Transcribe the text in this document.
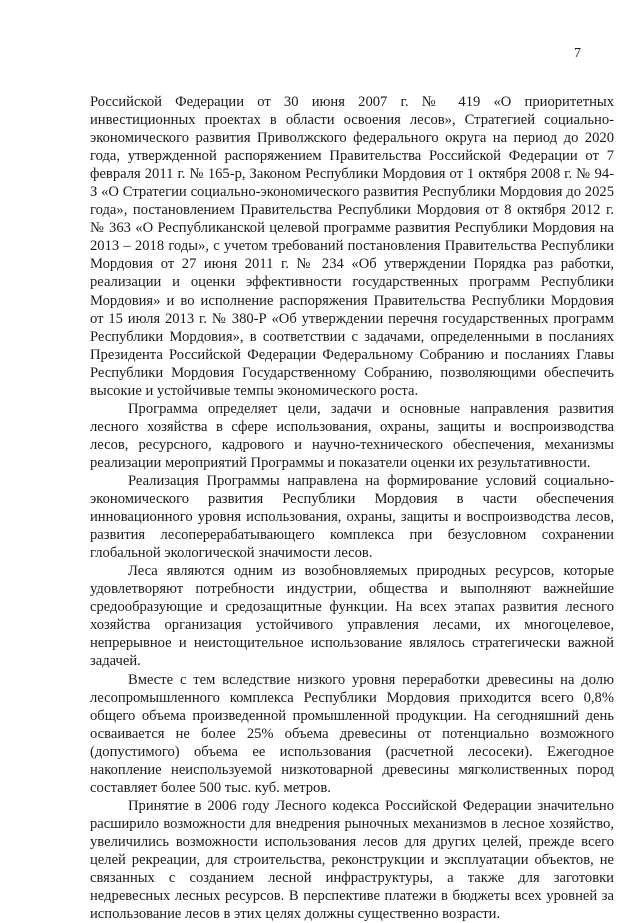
7

Российской Федерации от 30 июня 2007 г. № 419 «О приоритетных инвестиционных проектах в области освоения лесов», Стратегией социально-экономического развития Приволжского федерального округа на период до 2020 года, утвержденной распоряжением Правительства Российской Федерации от 7 февраля 2011 г. № 165-р, Законом Республики Мордовия от 1 октября 2008 г. № 94-З «О Стратегии социально-экономического развития Республики Мордовия до 2025 года», постановлением Правительства Республики Мордовия от 8 октября 2012 г. № 363 «О Республиканской целевой программе развития Республики Мордовия на 2013 – 2018 годы», с учетом требований постановления Правительства Республики Мордовия от 27 июня 2011 г. № 234 «Об утверждении Порядка раз работки, реализации и оценки эффективности государственных программ Республики Мордовия» и во исполнение распоряжения Правительства Республики Мордовия от 15 июля 2013 г. № 380-Р «Об утверждении перечня государственных программ Республики Мордовия», в соответствии с задачами, определенными в посланиях Президента Российской Федерации Федеральному Собранию и посланиях Главы Республики Мордовия Государственному Собранию, позволяющими обеспечить высокие и устойчивые темпы экономического роста.

Программа определяет цели, задачи и основные направления развития лесного хозяйства в сфере использования, охраны, защиты и воспроизводства лесов, ресурсного, кадрового и научно-технического обеспечения, механизмы реализации мероприятий Программы и показатели оценки их результативности.

Реализация Программы направлена на формирование условий социально-экономического развития Республики Мордовия в части обеспечения инновационного уровня использования, охраны, защиты и воспроизводства лесов, развития лесоперерабатывающего комплекса при безусловном сохранении глобальной экологической значимости лесов.

Леса являются одним из возобновляемых природных ресурсов, которые удовлетворяют потребности индустрии, общества и выполняют важнейшие средообразующие и средозащитные функции. На всех этапах развития лесного хозяйства организация устойчивого управления лесами, их многоцелевое, непрерывное и неистощительное использование являлось стратегически важной задачей.

Вместе с тем вследствие низкого уровня переработки древесины на долю лесопромышленного комплекса Республики Мордовия приходится всего 0,8% общего объема произведенной промышленной продукции. На сегодняшний день осваивается не более 25% объема древесины от потенциально возможного (допустимого) объема ее использования (расчетной лесосеки). Ежегодное накопление неиспользуемой низкотоварной древесины мягколиственных пород составляет более 500 тыс. куб. метров.

Принятие в 2006 году Лесного кодекса Российской Федерации значительно расширило возможности для внедрения рыночных механизмов в лесное хозяйство, увеличились возможности использования лесов для других целей, прежде всего целей рекреации, для строительства, реконструкции и эксплуатации объектов, не связанных с созданием лесной инфраструктуры, а также для заготовки недревесных лесных ресурсов. В перспективе платежи в бюджеты всех уровней за использование лесов в этих целях должны существенно возрасти.
